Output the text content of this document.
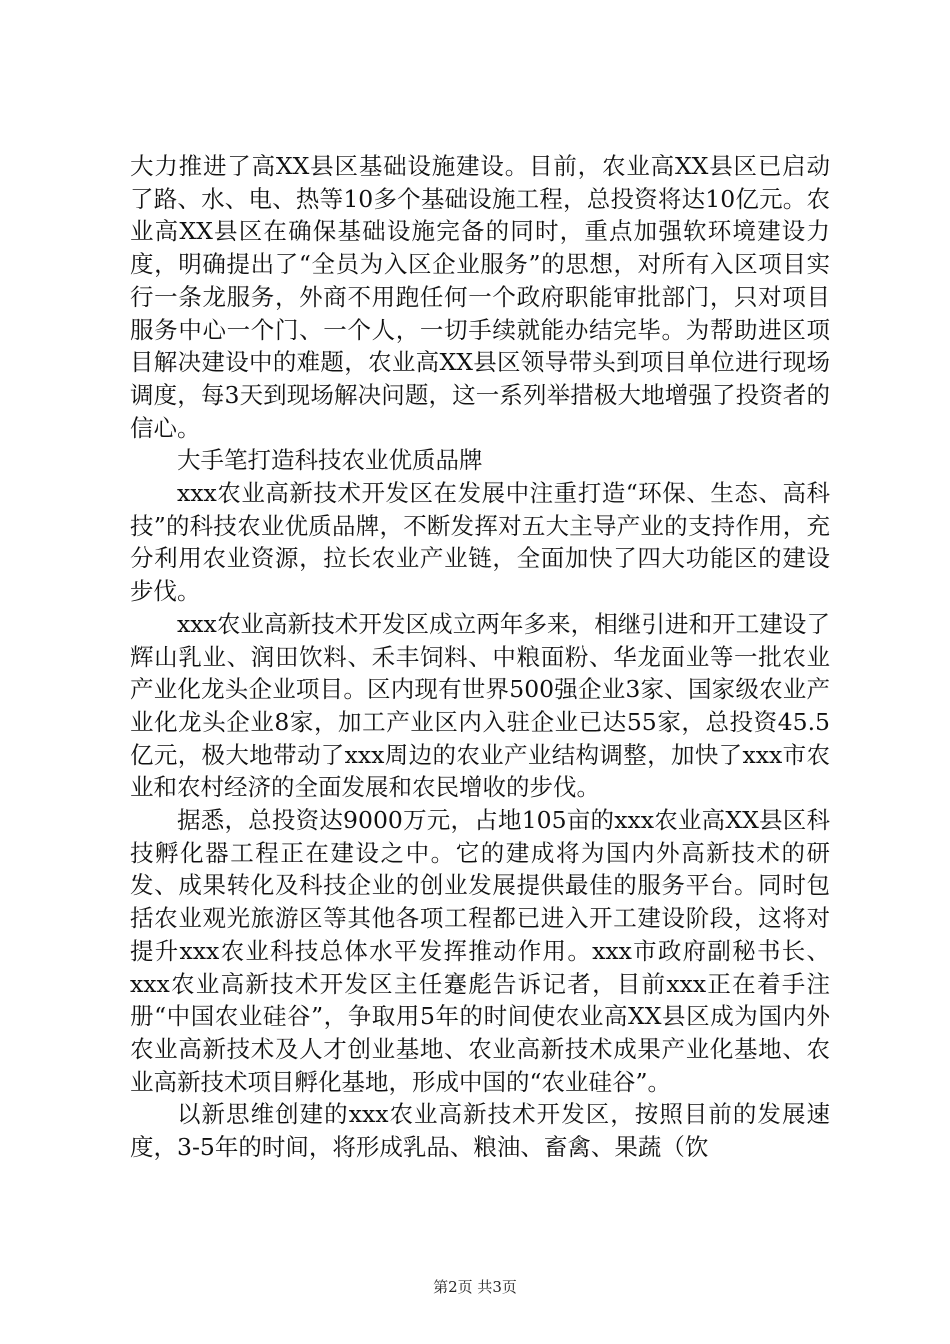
大力推进了高XX县区基础设施建设。目前，农业高XX县区已启动了路、水、电、热等10多个基础设施工程，总投资将达10亿元。农业高XX县区在确保基础设施完备的同时，重点加强软环境建设力度，明确提出了“全员为入区企业服务”的思想，对所有入区项目实行一条龙服务，外商不用跑任何一个政府职能审批部门，只对项目服务中心一个门、一个人，一切手续就能办结完毕。为帮助进区项目解决建设中的难题，农业高XX县区领导带头到项目单位进行现场调度，每3天到现场解决问题，这一系列举措极大地增强了投资者的信心。

大手笔打造科技农业优质品牌

xxx农业高新技术开发区在发展中注重打造“环保、生态、高科技”的科技农业优质品牌，不断发挥对五大主导产业的支持作用，充分利用农业资源，拉长农业产业链，全面加快了四大功能区的建设步伐。

xxx农业高新技术开发区成立两年多来，相继引进和开工建设了辉山乳业、润田饮料、禾丰饲料、中粮面粉、华龙面业等一批农业产业化龙头企业项目。区内现有世界500强企业3家、国家级农业产业化龙头企业8家，加工产业区内入驻企业已达55家，总投资45.5亿元，极大地带动了xxx周边的农业产业结构调整，加快了xxx市农业和农村经济的全面发展和农民增收的步伐。

据悉，总投资达9000万元，占地105亩的xxx农业高XX县区科技孵化器工程正在建设之中。它的建成将为国内外高新技术的研发、成果转化及科技企业的创业发展提供最佳的服务平台。同时包括农业观光旅游区等其他各项工程都已进入开工建设阶段，这将对提升xxx农业科技总体水平发挥推动作用。xxx市政府副秘书长、xxx农业高新技术开发区主任蹇彪告诉记者，目前xxx正在着手注册“中国农业硅谷”，争取用5年的时间使农业高XX县区成为国内外农业高新技术及人才创业基地、农业高新技术成果产业化基地、农业高新技术项目孵化基地，形成中国的“农业硅谷”。

以新思维创建的xxx农业高新技术开发区，按照目前的发展速度，3-5年的时间，将形成乳品、粮油、畜禽、果蔬（饮

第2页 共3页
